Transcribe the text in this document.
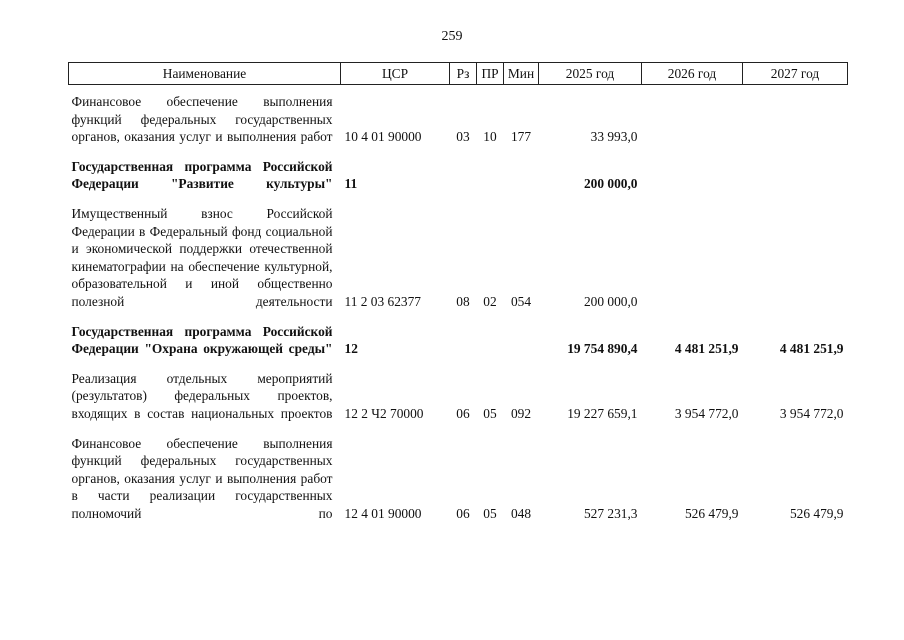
259
Наименование	ЦСР	Рз	ПР	Мин	2025 год	2026 год	2027 год
Финансовое обеспечение выполнения функций федеральных государственных органов, оказания услуг и выполнения работ	10 4 01 90000	03	10	177	33 993,0		

Государственная программа Российской Федерации "Развитие культуры"	11				200 000,0		

Имущественный взнос Российской Федерации в Федеральный фонд социальной и экономической поддержки отечественной кинематографии на обеспечение культурной, образовательной и иной общественно полезной деятельности	11 2 03 62377	08	02	054	200 000,0		

Государственная программа Российской Федерации "Охрана окружающей среды"	12				19 754 890,4	4 481 251,9	4 481 251,9

Реализация отдельных мероприятий (результатов) федеральных проектов, входящих в состав национальных проектов	12 2 Ч2 70000	06	05	092	19 227 659,1	3 954 772,0	3 954 772,0

Финансовое обеспечение выполнения функций федеральных государственных органов, оказания услуг и выполнения работ в части реализации государственных полномочий по	12 4 01 90000	06	05	048	527 231,3	526 479,9	526 479,9
